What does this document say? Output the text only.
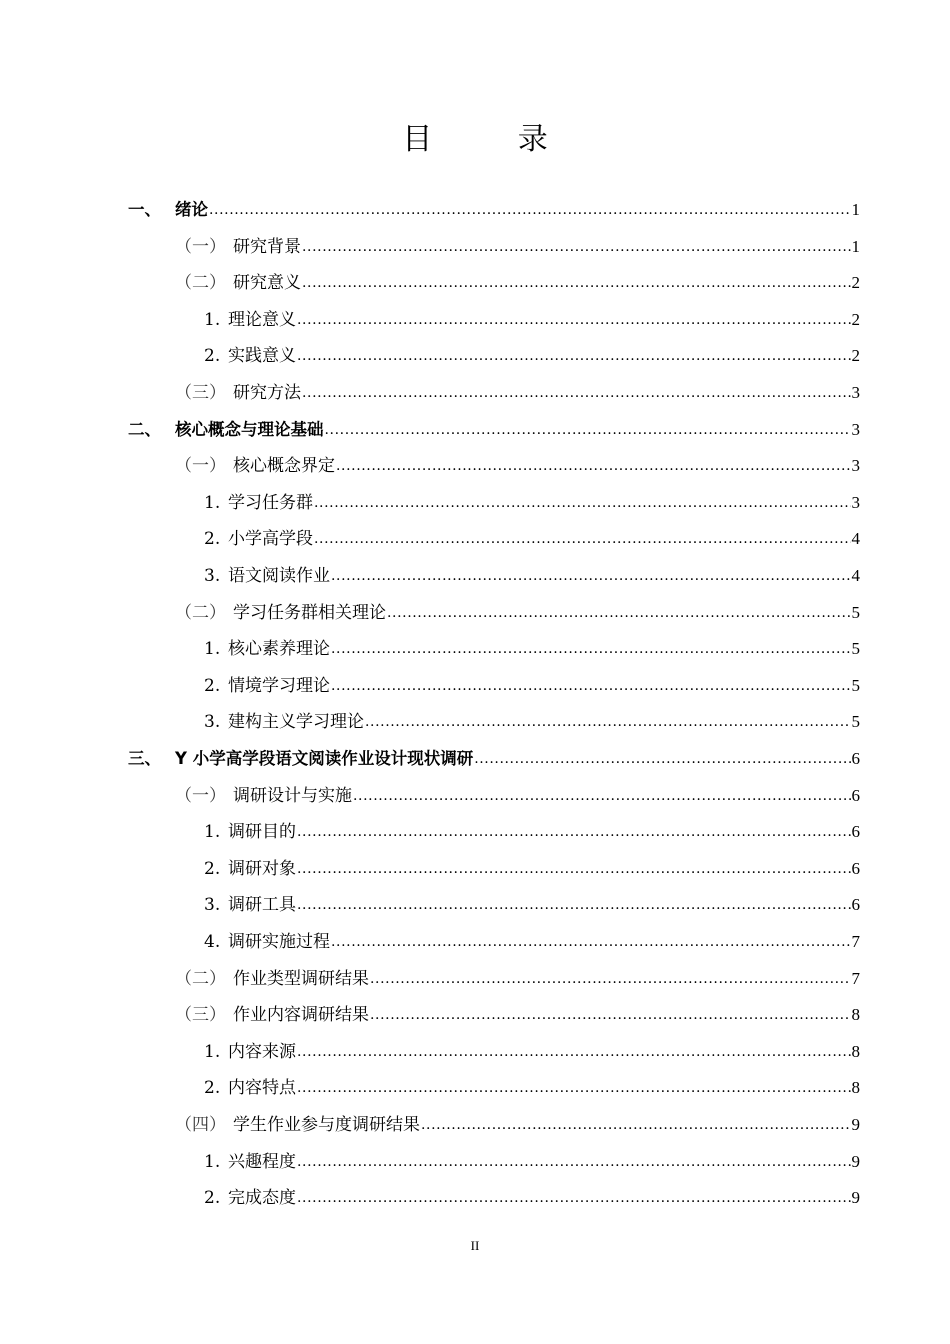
目 录
一、 绪论 .....	1
（一） 研究背景 .....	1
（二） 研究意义 .....	2
1. 理论意义 .....	2
2. 实践意义 .....	2
（三） 研究方法 .....	3
二、 核心概念与理论基础 .....	3
（一） 核心概念界定 .....	3
1. 学习任务群 .....	3
2. 小学高学段 .....	4
3. 语文阅读作业 .....	4
（二） 学习任务群相关理论 .....	5
1. 核心素养理论 .....	5
2. 情境学习理论 .....	5
3. 建构主义学习理论 .....	5
三、 Y 小学高学段语文阅读作业设计现状调研 .....	6
（一） 调研设计与实施 .....	6
1. 调研目的 .....	6
2. 调研对象 .....	6
3. 调研工具 .....	6
4. 调研实施过程 .....	7
（二） 作业类型调研结果 .....	7
（三） 作业内容调研结果 .....	8
1. 内容来源 .....	8
2. 内容特点 .....	8
（四） 学生作业参与度调研结果 .....	9
1. 兴趣程度 .....	9
2. 完成态度 .....	9
II
